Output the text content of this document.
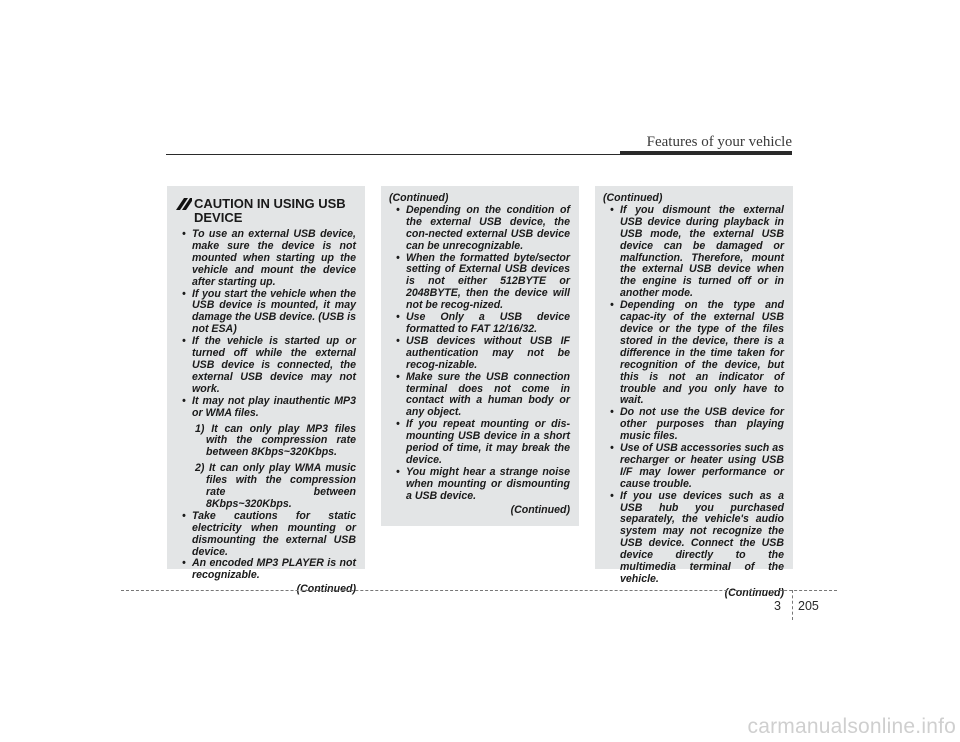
Features of your vehicle
CAUTION IN USING USB DEVICE
• To use an external USB device, make sure the device is not mounted when starting up the vehicle and mount the device after starting up.
• If you start the vehicle when the USB device is mounted, it may damage the USB device. (USB is not ESA)
• If the vehicle is started up or turned off while the external USB device is connected, the external USB device may not work.
• It may not play inauthentic MP3 or WMA files.
1) It can only play MP3 files with the compression rate between 8Kbps~320Kbps.
2) It can only play WMA music files with the compression rate between 8Kbps~320Kbps.
• Take cautions for static electricity when mounting or dismounting the external USB device.
• An encoded MP3 PLAYER is not recognizable.
(Continued)
(Continued)
• Depending on the condition of the external USB device, the con-nected external USB device can be unrecognizable.
• When the formatted byte/sector setting of External USB devices is not either 512BYTE or 2048BYTE, then the device will not be recog-nized.
• Use Only a USB device formatted to FAT 12/16/32.
• USB devices without USB IF authentication may not be recog-nizable.
• Make sure the USB connection terminal does not come in contact with a human body or any object.
• If you repeat mounting or dis-mounting USB device in a short period of time, it may break the device.
• You might hear a strange noise when mounting or dismounting a USB device.
(Continued)
(Continued)
• If you dismount the external USB device during playback in USB mode, the external USB device can be damaged or malfunction. Therefore, mount the external USB device when the engine is turned off or in another mode.
• Depending on the type and capac-ity of the external USB device or the type of the files stored in the device, there is a difference in the time taken for recognition of the device, but this is not an indicator of trouble and you only have to wait.
• Do not use the USB device for other purposes than playing music files.
• Use of USB accessories such as recharger or heater using USB I/F may lower performance or cause trouble.
• If you use devices such as a USB hub you purchased separately, the vehicle's audio system may not recognize the USB device. Connect the USB device directly to the multimedia terminal of the vehicle.
(Continued)
3 205
carmanualsonline.info
